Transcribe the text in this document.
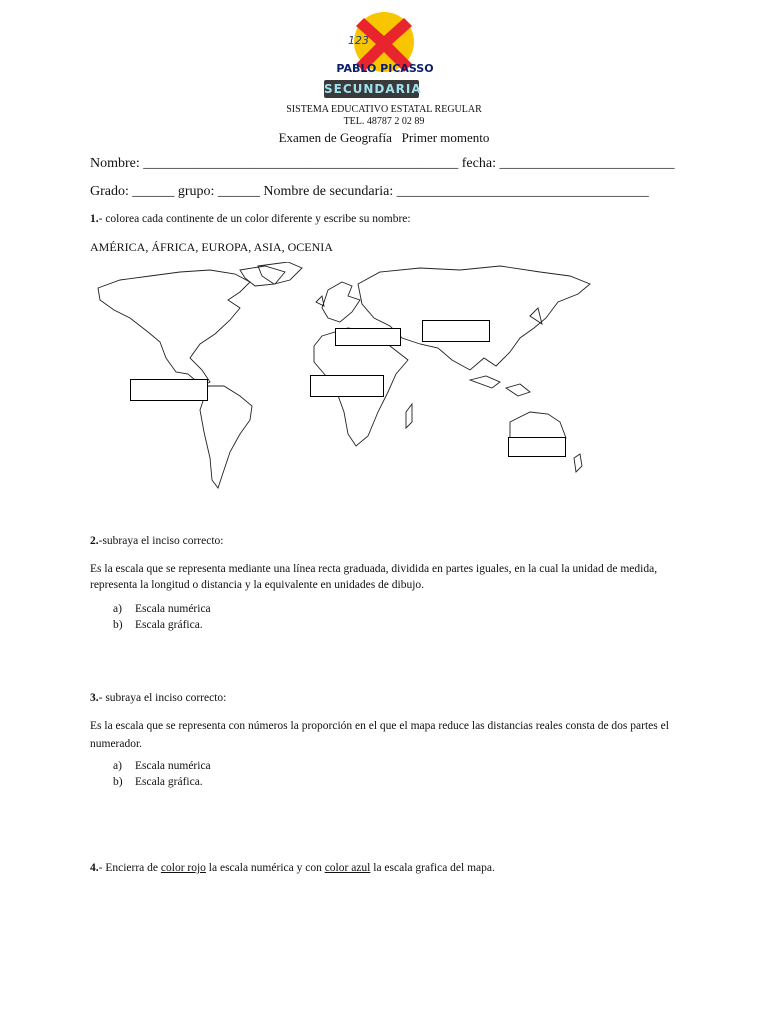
123
PABLO PICASSO
SECUNDARIA
SISTEMA EDUCATIVO ESTATAL REGULAR
TEL. 48787 2 02 89
Examen de Geografía   Primer momento
Nombre: _____________________________________________ fecha: _________________________
Grado: ______ grupo: ______ Nombre de secundaria: ____________________________________
1.- colorea cada continente de un color diferente y escribe su nombre:
AMÉRICA, ÁFRICA, EUROPA, ASIA, OCENIA
2.-subraya el inciso correcto:
Es la escala que se representa mediante una línea recta graduada, dividida en partes iguales, en la cual la unidad de medida, representa la longitud o distancia y la equivalente en unidades de dibujo.
a) Escala numérica
b) Escala gráfica.
3.- subraya el inciso correcto:
Es la escala que se representa con números la proporción en el que el mapa reduce las distancias reales consta de dos partes el numerador.
a) Escala numérica
b) Escala gráfica.
4.- Encierra de color rojo la escala numérica y con color azul la escala grafica del mapa.
